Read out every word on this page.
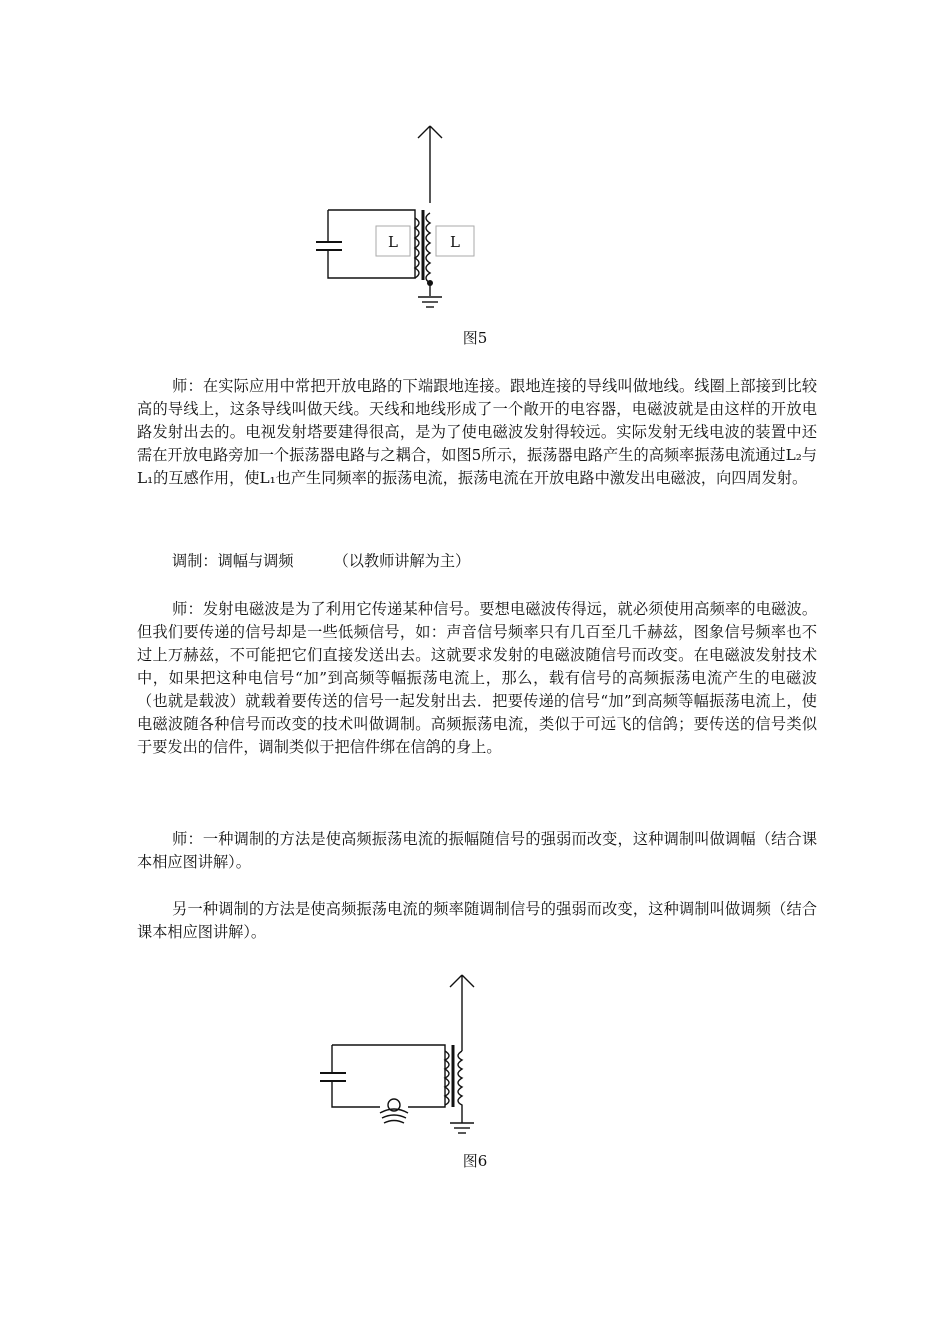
L	L
图5

师：在实际应用中常把开放电路的下端跟地连接。跟地连接的导线叫做地线。线圈上部接到比较高的导线上，这条导线叫做天线。天线和地线形成了一个敞开的电容器，电磁波就是由这样的开放电路发射出去的。电视发射塔要建得很高，是为了使电磁波发射得较远。实际发射无线电波的装置中还需在开放电路旁加一个振荡器电路与之耦合，如图5所示，振荡器电路产生的高频率振荡电流通过L₂与L₁的互感作用，使L₁也产生同频率的振荡电流，振荡电流在开放电路中激发出电磁波，向四周发射。

调制：调幅与调频	（以教师讲解为主）

师：发射电磁波是为了利用它传递某种信号。要想电磁波传得远，就必须使用高频率的电磁波。但我们要传递的信号却是一些低频信号，如：声音信号频率只有几百至几千赫兹，图象信号频率也不过上万赫兹，不可能把它们直接发送出去。这就要求发射的电磁波随信号而改变。在电磁波发射技术中，如果把这种电信号“加”到高频等幅振荡电流上，那么，载有信号的高频振荡电流产生的电磁波（也就是载波）就载着要传送的信号一起发射出去．把要传递的信号“加”到高频等幅振荡电流上，使电磁波随各种信号而改变的技术叫做调制。高频振荡电流，类似于可远飞的信鸽；要传送的信号类似于要发出的信件，调制类似于把信件绑在信鸽的身上。

师：一种调制的方法是使高频振荡电流的振幅随信号的强弱而改变，这种调制叫做调幅（结合课本相应图讲解）。

另一种调制的方法是使高频振荡电流的频率随调制信号的强弱而改变，这种调制叫做调频（结合课本相应图讲解）。

图6
